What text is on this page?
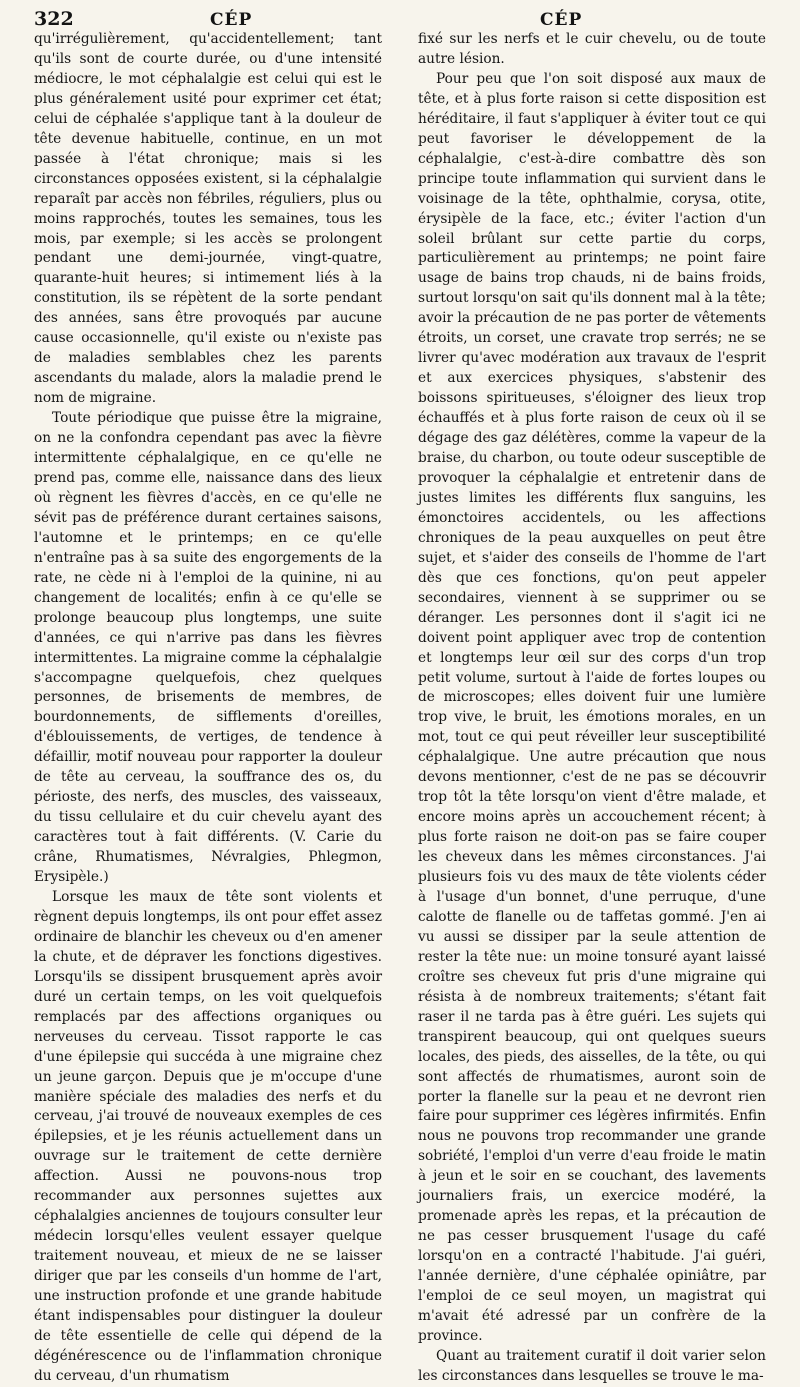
322	CÉP	CÉP

qu'irrégulièrement, qu'accidentellement; tant qu'ils sont de courte durée, ou d'une intensité médiocre, le mot céphalalgie est celui qui est le plus généralement usité pour exprimer cet état; celui de céphalée s'applique tant à la douleur de tête devenue habituelle, continue, en un mot passée à l'état chronique; mais si les circonstances opposées existent, si la céphalalgie reparaît par accès non fébriles, réguliers, plus ou moins rapprochés, toutes les semaines, tous les mois, par exemple; si les accès se prolongent pendant une demi-journée, vingt-quatre, quarante-huit heures; si intimement liés à la constitution, ils se répètent de la sorte pendant des années, sans être provoqués par aucune cause occasionnelle, qu'il existe ou n'existe pas de maladies semblables chez les parents ascendants du malade, alors la maladie prend le nom de migraine.

Toute périodique que puisse être la migraine, on ne la confondra cependant pas avec la fièvre intermittente céphalalgique, en ce qu'elle ne prend pas, comme elle, naissance dans des lieux où règnent les fièvres d'accès, en ce qu'elle ne sévit pas de préférence durant certaines saisons, l'automne et le printemps; en ce qu'elle n'entraîne pas à sa suite des engorgements de la rate, ne cède ni à l'emploi de la quinine, ni au changement de localités; enfin à ce qu'elle se prolonge beaucoup plus longtemps, une suite d'années, ce qui n'arrive pas dans les fièvres intermittentes. La migraine comme la céphalalgie s'accompagne quelquefois, chez quelques personnes, de brisements de membres, de bourdonnements, de sifflements d'oreilles, d'éblouissements, de vertiges, de tendence à défaillir, motif nouveau pour rapporter la douleur de tête au cerveau, la souffrance des os, du périoste, des nerfs, des muscles, des vaisseaux, du tissu cellulaire et du cuir chevelu ayant des caractères tout à fait différents. (V. Carie du crâne, Rhumatismes, Névralgies, Phlegmon, Erysipèle.)

Lorsque les maux de tête sont violents et règnent depuis longtemps, ils ont pour effet assez ordinaire de blanchir les cheveux ou d'en amener la chute, et de dépraver les fonctions digestives. Lorsqu'ils se dissipent brusquement après avoir duré un certain temps, on les voit quelquefois remplacés par des affections organiques ou nerveuses du cerveau. Tissot rapporte le cas d'une épilepsie qui succéda à une migraine chez un jeune garçon. Depuis que je m'occupe d'une manière spéciale des maladies des nerfs et du cerveau, j'ai trouvé de nouveaux exemples de ces épilepsies, et je les réunis actuellement dans un ouvrage sur le traitement de cette dernière affection. Aussi ne pouvons-nous trop recommander aux personnes sujettes aux céphalalgies anciennes de toujours consulter leur médecin lorsqu'elles veulent essayer quelque traitement nouveau, et mieux de ne se laisser diriger que par les conseils d'un homme de l'art, une instruction profonde et une grande habitude étant indispensables pour distinguer la douleur de tête essentielle de celle qui dépend de la dégénérescence ou de l'inflammation chronique du cerveau, d'un rhumatism

fixé sur les nerfs et le cuir chevelu, ou de toute autre lésion.

Pour peu que l'on soit disposé aux maux de tête, et à plus forte raison si cette disposition est héréditaire, il faut s'appliquer à éviter tout ce qui peut favoriser le développement de la céphalalgie, c'est-à-dire combattre dès son principe toute inflammation qui survient dans le voisinage de la tête, ophthalmie, corysa, otite, érysipèle de la face, etc.; éviter l'action d'un soleil brûlant sur cette partie du corps, particulièrement au printemps; ne point faire usage de bains trop chauds, ni de bains froids, surtout lorsqu'on sait qu'ils donnent mal à la tête; avoir la précaution de ne pas porter de vêtements étroits, un corset, une cravate trop serrés; ne se livrer qu'avec modération aux travaux de l'esprit et aux exercices physiques, s'abstenir des boissons spiritueuses, s'éloigner des lieux trop échauffés et à plus forte raison de ceux où il se dégage des gaz délétères, comme la vapeur de la braise, du charbon, ou toute odeur susceptible de provoquer la céphalalgie et entretenir dans de justes limites les différents flux sanguins, les émonctoires accidentels, ou les affections chroniques de la peau auxquelles on peut être sujet, et s'aider des conseils de l'homme de l'art dès que ces fonctions, qu'on peut appeler secondaires, viennent à se supprimer ou se déranger. Les personnes dont il s'agit ici ne doivent point appliquer avec trop de contention et longtemps leur œil sur des corps d'un trop petit volume, surtout à l'aide de fortes loupes ou de microscopes; elles doivent fuir une lumière trop vive, le bruit, les émotions morales, en un mot, tout ce qui peut réveiller leur susceptibilité céphalalgique. Une autre précaution que nous devons mentionner, c'est de ne pas se découvrir trop tôt la tête lorsqu'on vient d'être malade, et encore moins après un accouchement récent; à plus forte raison ne doit-on pas se faire couper les cheveux dans les mêmes circonstances. J'ai plusieurs fois vu des maux de tête violents céder à l'usage d'un bonnet, d'une perruque, d'une calotte de flanelle ou de taffetas gommé. J'en ai vu aussi se dissiper par la seule attention de rester la tête nue: un moine tonsuré ayant laissé croître ses cheveux fut pris d'une migraine qui résista à de nombreux traitements; s'étant fait raser il ne tarda pas à être guéri. Les sujets qui transpirent beaucoup, qui ont quelques sueurs locales, des pieds, des aisselles, de la tête, ou qui sont affectés de rhumatismes, auront soin de porter la flanelle sur la peau et ne devront rien faire pour supprimer ces légères infirmités. Enfin nous ne pouvons trop recommander une grande sobriété, l'emploi d'un verre d'eau froide le matin à jeun et le soir en se couchant, des lavements journaliers frais, un exercice modéré, la promenade après les repas, et la précaution de ne pas cesser brusquement l'usage du café lorsqu'on en a contracté l'habitude. J'ai guéri, l'année dernière, d'une céphalée opiniâtre, par l'emploi de ce seul moyen, un magistrat qui m'avait été adressé par un confrère de la province.

Quant au traitement curatif il doit varier selon les circonstances dans lesquelles se trouve le ma-
